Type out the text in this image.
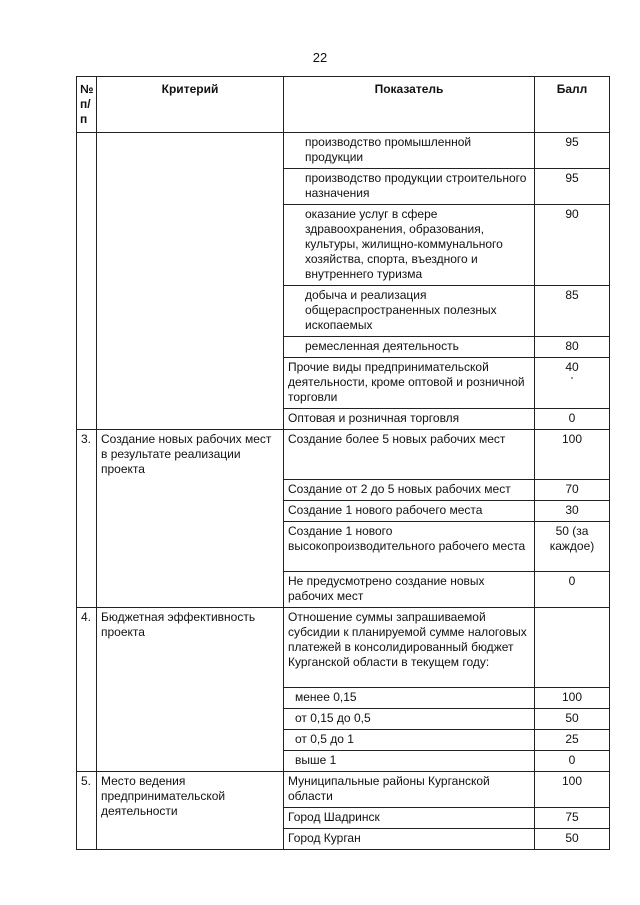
22
№ п/п	Критерий	Показатель	Балл
		производство промышленной продукции	95
		производство продукции строительного назначения	95
		оказание услуг в сфере здравоохранения, образования, культуры, жилищно-коммунального хозяйства, спорта, въездного и внутреннего туризма	90
		добыча и реализация общераспространенных полезных ископаемых	85
		ремесленная деятельность	80
		Прочие виды предпринимательской деятельности, кроме оптовой и розничной торговли	40

		Оптовая и розничная торговля	0
3.	Создание новых рабочих мест в результате реализации проекта	Создание более 5 новых рабочих мест	100
		Создание от 2 до 5 новых рабочих мест	70
		Создание 1 нового рабочего места	30
		Создание 1 нового высокопроизводительного рабочего места	50 (за каждое)
		Не предусмотрено создание новых рабочих мест	0
4.	Бюджетная эффективность проекта	Отношение суммы запрашиваемой субсидии к планируемой сумме налоговых платежей в консолидированный бюджет Курганской области в текущем году:	
		менее 0,15	100
		от 0,15 до 0,5	50
		от 0,5 до 1	25
		выше 1	0
5.	Место ведения предпринимательской деятельности	Муниципальные районы Курганской области	100
		Город Шадринск	75
		Город Курган	50
